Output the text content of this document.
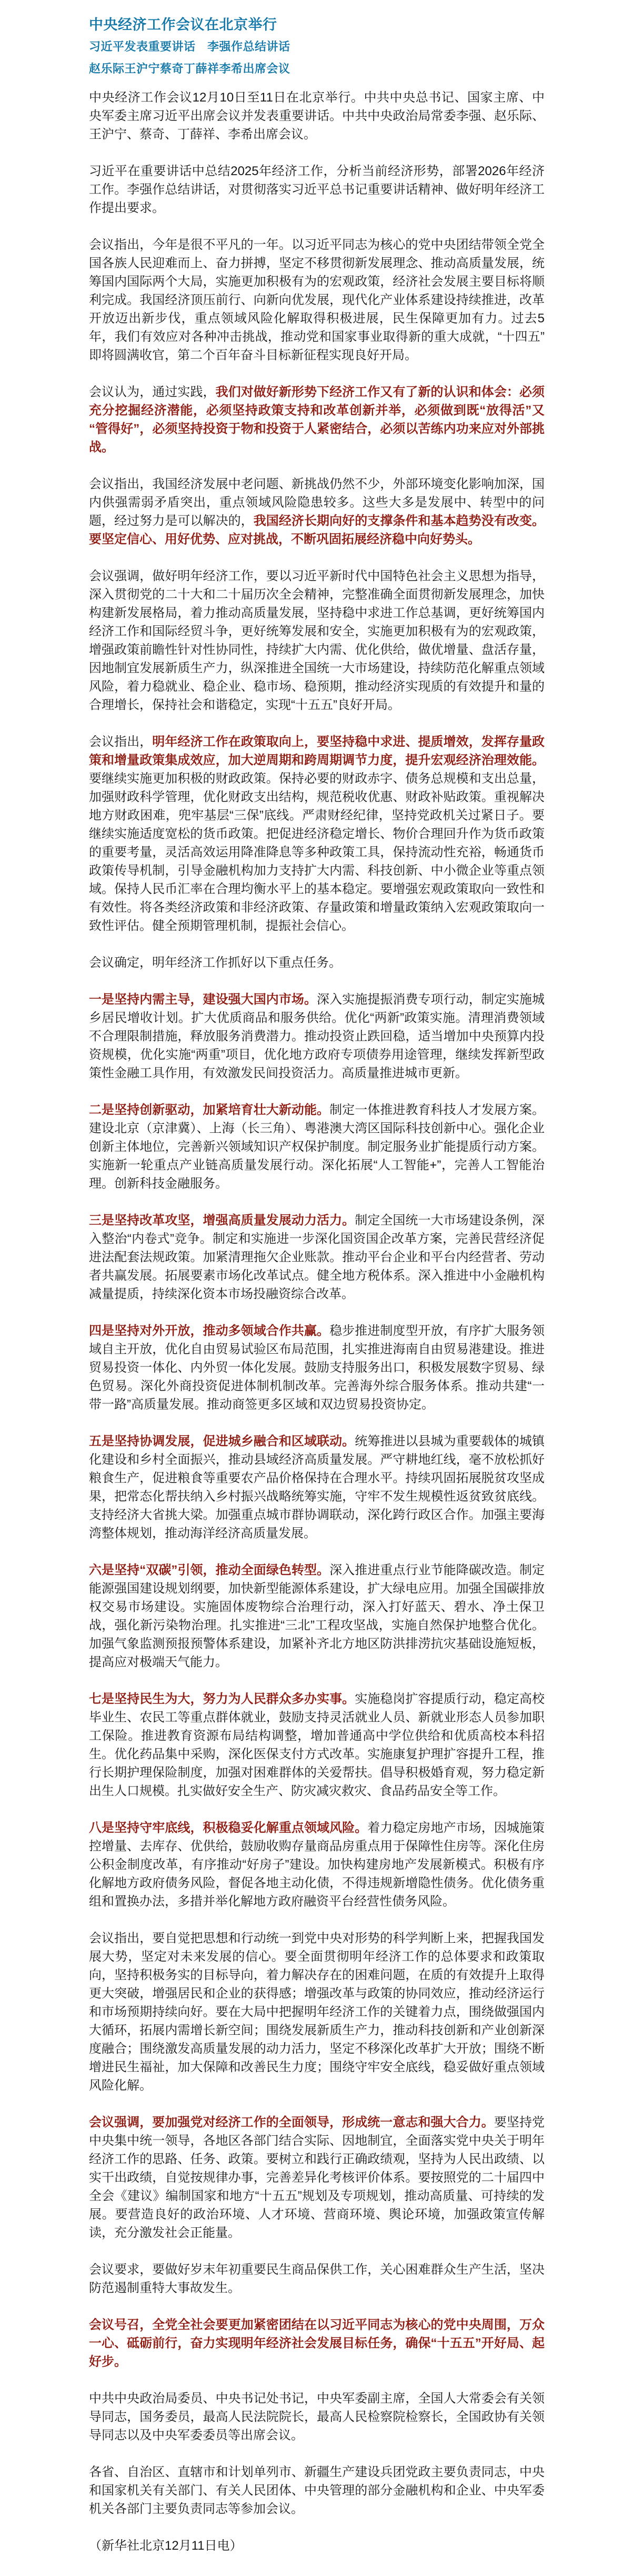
中央经济工作会议在北京举行
习近平发表重要讲话　李强作总结讲话
赵乐际王沪宁蔡奇丁薛祥李希出席会议

中央经济工作会议12月10日至11日在北京举行。中共中央总书记、国家主席、中央军委主席习近平出席会议并发表重要讲话。中共中央政治局常委李强、赵乐际、王沪宁、蔡奇、丁薛祥、李希出席会议。

习近平在重要讲话中总结2025年经济工作，分析当前经济形势，部署2026年经济工作。李强作总结讲话，对贯彻落实习近平总书记重要讲话精神、做好明年经济工作提出要求。

会议指出，今年是很不平凡的一年。以习近平同志为核心的党中央团结带领全党全国各族人民迎难而上、奋力拼搏，坚定不移贯彻新发展理念、推动高质量发展，统筹国内国际两个大局，实施更加积极有为的宏观政策，经济社会发展主要目标将顺利完成。我国经济顶压前行、向新向优发展，现代化产业体系建设持续推进，改革开放迈出新步伐，重点领域风险化解取得积极进展，民生保障更加有力。过去5年，我们有效应对各种冲击挑战，推动党和国家事业取得新的重大成就，“十四五”即将圆满收官，第二个百年奋斗目标新征程实现良好开局。

会议认为，通过实践，我们对做好新形势下经济工作又有了新的认识和体会：必须充分挖掘经济潜能，必须坚持政策支持和改革创新并举，必须做到既“放得活”又“管得好”，必须坚持投资于物和投资于人紧密结合，必须以苦练内功来应对外部挑战。

会议指出，我国经济发展中老问题、新挑战仍然不少，外部环境变化影响加深，国内供强需弱矛盾突出，重点领域风险隐患较多。这些大多是发展中、转型中的问题，经过努力是可以解决的，我国经济长期向好的支撑条件和基本趋势没有改变。要坚定信心、用好优势、应对挑战，不断巩固拓展经济稳中向好势头。

会议强调，做好明年经济工作，要以习近平新时代中国特色社会主义思想为指导，深入贯彻党的二十大和二十届历次全会精神，完整准确全面贯彻新发展理念，加快构建新发展格局，着力推动高质量发展，坚持稳中求进工作总基调，更好统筹国内经济工作和国际经贸斗争，更好统筹发展和安全，实施更加积极有为的宏观政策，增强政策前瞻性针对性协同性，持续扩大内需、优化供给，做优增量、盘活存量，因地制宜发展新质生产力，纵深推进全国统一大市场建设，持续防范化解重点领域风险，着力稳就业、稳企业、稳市场、稳预期，推动经济实现质的有效提升和量的合理增长，保持社会和谐稳定，实现“十五五”良好开局。

会议指出，明年经济工作在政策取向上，要坚持稳中求进、提质增效，发挥存量政策和增量政策集成效应，加大逆周期和跨周期调节力度，提升宏观经济治理效能。要继续实施更加积极的财政政策。保持必要的财政赤字、债务总规模和支出总量，加强财政科学管理，优化财政支出结构，规范税收优惠、财政补贴政策。重视解决地方财政困难，兜牢基层“三保”底线。严肃财经纪律，坚持党政机关过紧日子。要继续实施适度宽松的货币政策。把促进经济稳定增长、物价合理回升作为货币政策的重要考量，灵活高效运用降准降息等多种政策工具，保持流动性充裕，畅通货币政策传导机制，引导金融机构加力支持扩大内需、科技创新、中小微企业等重点领域。保持人民币汇率在合理均衡水平上的基本稳定。要增强宏观政策取向一致性和有效性。将各类经济政策和非经济政策、存量政策和增量政策纳入宏观政策取向一致性评估。健全预期管理机制，提振社会信心。

会议确定，明年经济工作抓好以下重点任务。

一是坚持内需主导，建设强大国内市场。深入实施提振消费专项行动，制定实施城乡居民增收计划。扩大优质商品和服务供给。优化“两新”政策实施。清理消费领域不合理限制措施，释放服务消费潜力。推动投资止跌回稳，适当增加中央预算内投资规模，优化实施“两重”项目，优化地方政府专项债券用途管理，继续发挥新型政策性金融工具作用，有效激发民间投资活力。高质量推进城市更新。

二是坚持创新驱动，加紧培育壮大新动能。制定一体推进教育科技人才发展方案。建设北京（京津冀）、上海（长三角）、粤港澳大湾区国际科技创新中心。强化企业创新主体地位，完善新兴领域知识产权保护制度。制定服务业扩能提质行动方案。实施新一轮重点产业链高质量发展行动。深化拓展“人工智能+”，完善人工智能治理。创新科技金融服务。

三是坚持改革攻坚，增强高质量发展动力活力。制定全国统一大市场建设条例，深入整治“内卷式”竞争。制定和实施进一步深化国资国企改革方案，完善民营经济促进法配套法规政策。加紧清理拖欠企业账款。推动平台企业和平台内经营者、劳动者共赢发展。拓展要素市场化改革试点。健全地方税体系。深入推进中小金融机构减量提质，持续深化资本市场投融资综合改革。

四是坚持对外开放，推动多领域合作共赢。稳步推进制度型开放，有序扩大服务领域自主开放，优化自由贸易试验区布局范围，扎实推进海南自由贸易港建设。推进贸易投资一体化、内外贸一体化发展。鼓励支持服务出口，积极发展数字贸易、绿色贸易。深化外商投资促进体制机制改革。完善海外综合服务体系。推动共建“一带一路”高质量发展。推动商签更多区域和双边贸易投资协定。

五是坚持协调发展，促进城乡融合和区域联动。统筹推进以县城为重要载体的城镇化建设和乡村全面振兴，推动县域经济高质量发展。严守耕地红线，毫不放松抓好粮食生产，促进粮食等重要农产品价格保持在合理水平。持续巩固拓展脱贫攻坚成果，把常态化帮扶纳入乡村振兴战略统筹实施，守牢不发生规模性返贫致贫底线。支持经济大省挑大梁。加强重点城市群协调联动，深化跨行政区合作。加强主要海湾整体规划，推动海洋经济高质量发展。

六是坚持“双碳”引领，推动全面绿色转型。深入推进重点行业节能降碳改造。制定能源强国建设规划纲要，加快新型能源体系建设，扩大绿电应用。加强全国碳排放权交易市场建设。实施固体废物综合治理行动，深入打好蓝天、碧水、净土保卫战，强化新污染物治理。扎实推进“三北”工程攻坚战，实施自然保护地整合优化。加强气象监测预报预警体系建设，加紧补齐北方地区防洪排涝抗灾基础设施短板，提高应对极端天气能力。

七是坚持民生为大，努力为人民群众多办实事。实施稳岗扩容提质行动，稳定高校毕业生、农民工等重点群体就业，鼓励支持灵活就业人员、新就业形态人员参加职工保险。推进教育资源布局结构调整，增加普通高中学位供给和优质高校本科招生。优化药品集中采购，深化医保支付方式改革。实施康复护理扩容提升工程，推行长期护理保险制度，加强对困难群体的关爱帮扶。倡导积极婚育观，努力稳定新出生人口规模。扎实做好安全生产、防灾减灾救灾、食品药品安全等工作。

八是坚持守牢底线，积极稳妥化解重点领域风险。着力稳定房地产市场，因城施策控增量、去库存、优供给，鼓励收购存量商品房重点用于保障性住房等。深化住房公积金制度改革，有序推动“好房子”建设。加快构建房地产发展新模式。积极有序化解地方政府债务风险，督促各地主动化债，不得违规新增隐性债务。优化债务重组和置换办法，多措并举化解地方政府融资平台经营性债务风险。

会议指出，要自觉把思想和行动统一到党中央对形势的科学判断上来，把握我国发展大势，坚定对未来发展的信心。要全面贯彻明年经济工作的总体要求和政策取向，坚持积极务实的目标导向，着力解决存在的困难问题，在质的有效提升上取得更大突破，增强居民和企业的获得感；增强改革与政策的协同效应，推动经济运行和市场预期持续向好。要在大局中把握明年经济工作的关键着力点，围绕做强国内大循环，拓展内需增长新空间；围绕发展新质生产力，推动科技创新和产业创新深度融合；围绕激发高质量发展的动力活力，坚定不移深化改革扩大开放；围绕不断增进民生福祉，加大保障和改善民生力度；围绕守牢安全底线，稳妥做好重点领域风险化解。

会议强调，要加强党对经济工作的全面领导，形成统一意志和强大合力。要坚持党中央集中统一领导，各地区各部门结合实际、因地制宜，全面落实党中央关于明年经济工作的思路、任务、政策。要树立和践行正确政绩观，坚持为人民出政绩、以实干出政绩，自觉按规律办事，完善差异化考核评价体系。要按照党的二十届四中全会《建议》编制国家和地方“十五五”规划及专项规划，推动高质量、可持续的发展。要营造良好的政治环境、人才环境、营商环境、舆论环境，加强政策宣传解读，充分激发社会正能量。

会议要求，要做好岁末年初重要民生商品保供工作，关心困难群众生产生活，坚决防范遏制重特大事故发生。

会议号召，全党全社会要更加紧密团结在以习近平同志为核心的党中央周围，万众一心、砥砺前行，奋力实现明年经济社会发展目标任务，确保“十五五”开好局、起好步。

中共中央政治局委员、中央书记处书记，中央军委副主席，全国人大常委会有关领导同志，国务委员，最高人民法院院长，最高人民检察院检察长，全国政协有关领导同志以及中央军委委员等出席会议。

各省、自治区、直辖市和计划单列市、新疆生产建设兵团党政主要负责同志，中央和国家机关有关部门、有关人民团体、中央管理的部分金融机构和企业、中央军委机关各部门主要负责同志等参加会议。

（新华社北京12月11日电）
